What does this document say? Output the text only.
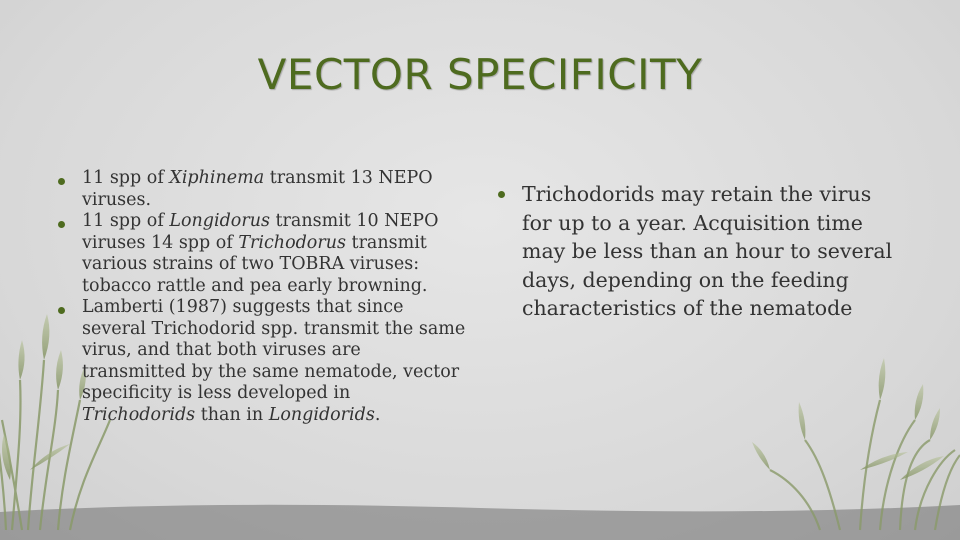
VECTOR SPECIFICITY
11 spp of Xiphinema transmit 13 NEPO viruses.
11 spp of Longidorus transmit 10 NEPO viruses 14 spp of Trichodorus transmit various strains of two TOBRA viruses: tobacco rattle and pea early browning.
Lamberti (1987) suggests that since several Trichodorid spp. transmit the same virus, and that both viruses are transmitted by the same nematode, vector specificity is less developed in Trichodorids than in Longidorids.
Trichodorids may retain the virus for up to a year. Acquisition time may be less than an hour to several days, depending on the feeding characteristics of the nematode
